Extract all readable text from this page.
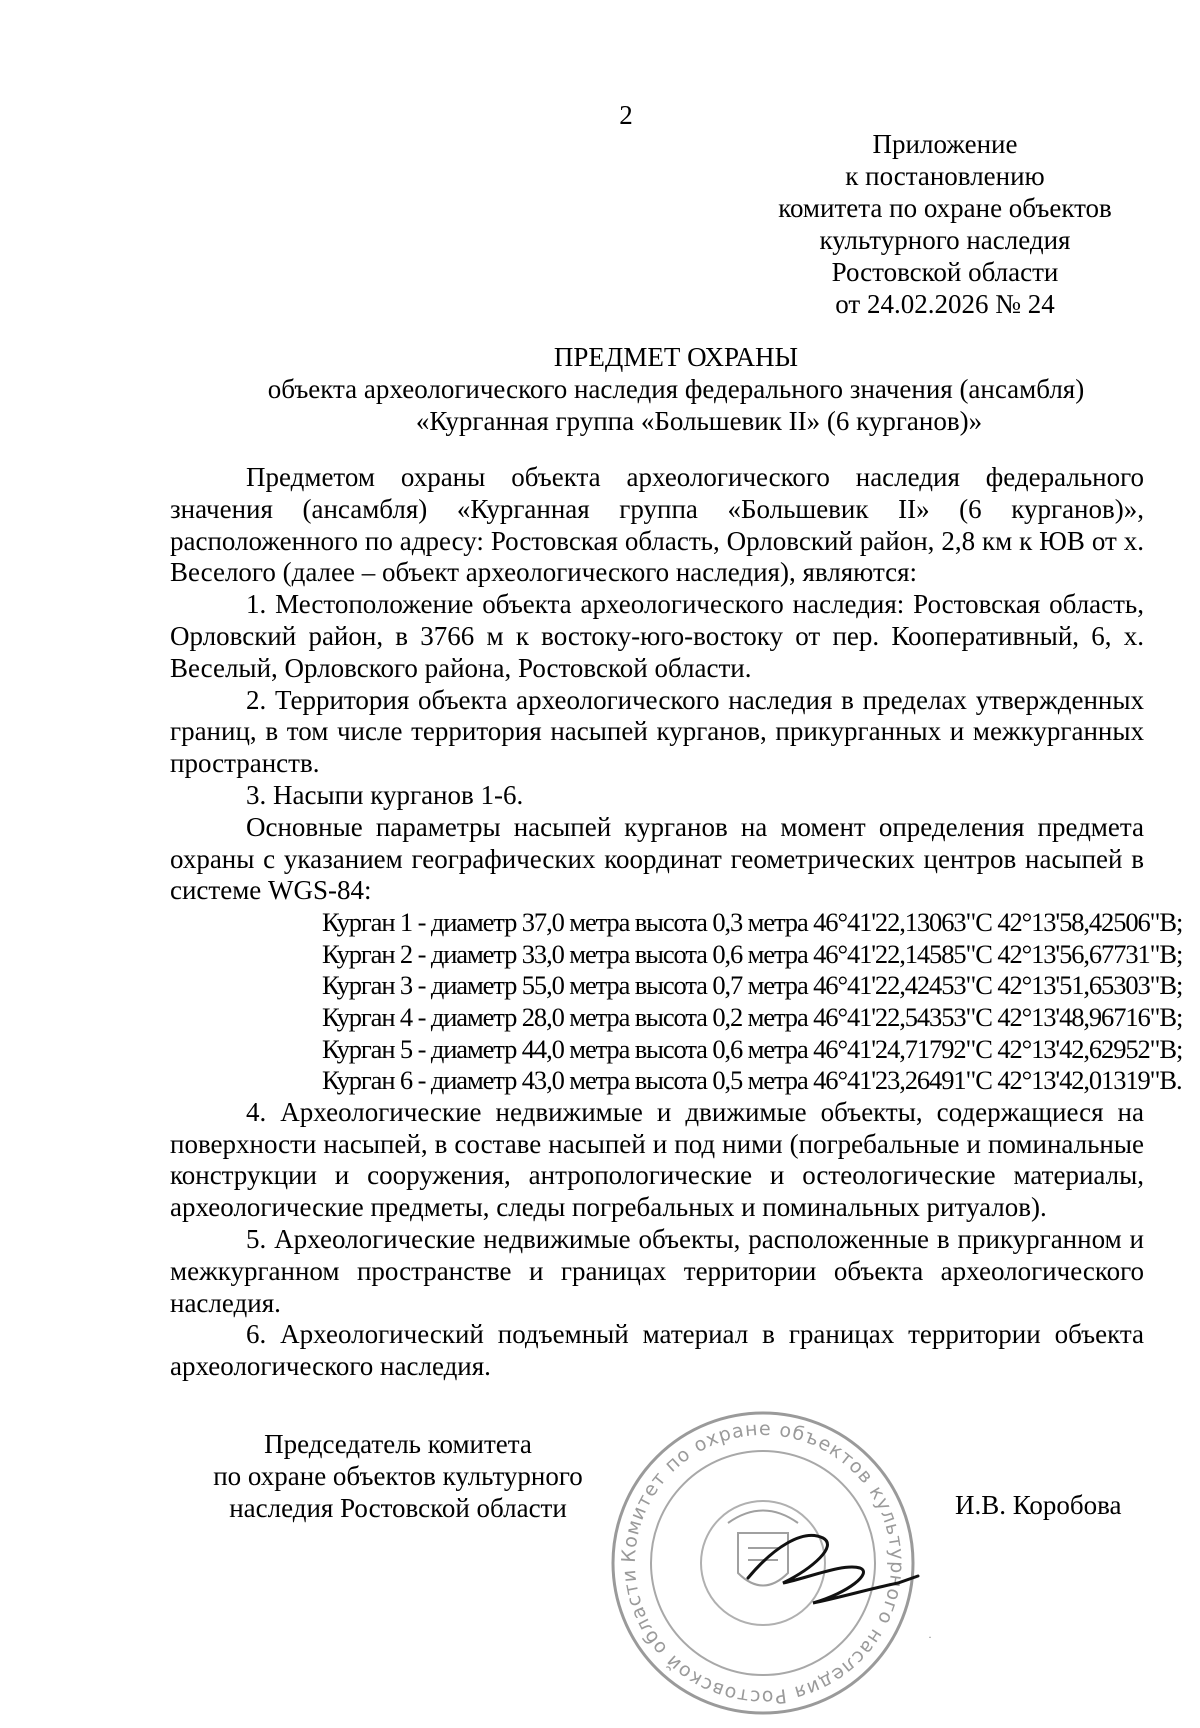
2
Приложение
к постановлению
комитета по охране объектов
культурного наследия
Ростовской области
от 24.02.2026 № 24
ПРЕДМЕТ ОХРАНЫ
объекта археологического наследия федерального значения (ансамбля)
«Курганная группа «Большевик II» (6 курганов)»

Предметом охраны объекта археологического наследия федерального значения (ансамбля) «Курганная группа «Большевик II» (6 курганов)», расположенного по адресу: Ростовская область, Орловский район, 2,8 км к ЮВ от х. Веселого (далее – объект археологического наследия), являются:

1. Местоположение объекта археологического наследия: Ростовская область, Орловский район, в 3766 м к востоку-юго-востоку от пер. Кооперативный, 6, х. Веселый, Орловского района, Ростовской области.

2. Территория объекта археологического наследия в пределах утвержденных границ, в том числе территория насыпей курганов, прикурганных и межкурганных пространств.

3. Насыпи курганов 1-6.

Основные параметры насыпей курганов на момент определения предмета охраны с указанием географических координат геометрических центров насыпей в системе WGS-84:

Курган 1 - диаметр 37,0 метра высота 0,3 метра 46°41'22,13063"С 42°13'58,42506"В;

Курган 2 - диаметр 33,0 метра высота 0,6 метра 46°41'22,14585"С 42°13'56,67731"В;

Курган 3 - диаметр 55,0 метра высота 0,7 метра 46°41'22,42453"С 42°13'51,65303"В;

Курган 4 - диаметр 28,0 метра высота 0,2 метра 46°41'22,54353"С 42°13'48,96716"В;

Курган 5 - диаметр 44,0 метра высота 0,6 метра 46°41'24,71792"С 42°13'42,62952"В;

Курган 6 - диаметр 43,0 метра высота 0,5 метра 46°41'23,26491"С 42°13'42,01319"В.

4. Археологические недвижимые и движимые объекты, содержащиеся на поверхности насыпей, в составе насыпей и под ними (погребальные и поминальные конструкции и сооружения, антропологические и остеологические материалы, археологические предметы, следы погребальных и поминальных ритуалов).

5. Археологические недвижимые объекты, расположенные в прикурганном и межкурганном пространстве и границах территории объекта археологического наследия.

6. Археологический подъемный материал в границах территории объекта археологического наследия.

Председатель комитета
по охране объектов культурного
наследия Ростовской области
Комитет по охране объектов культурного наследия Ростовской области
И.В. Коробова
·
